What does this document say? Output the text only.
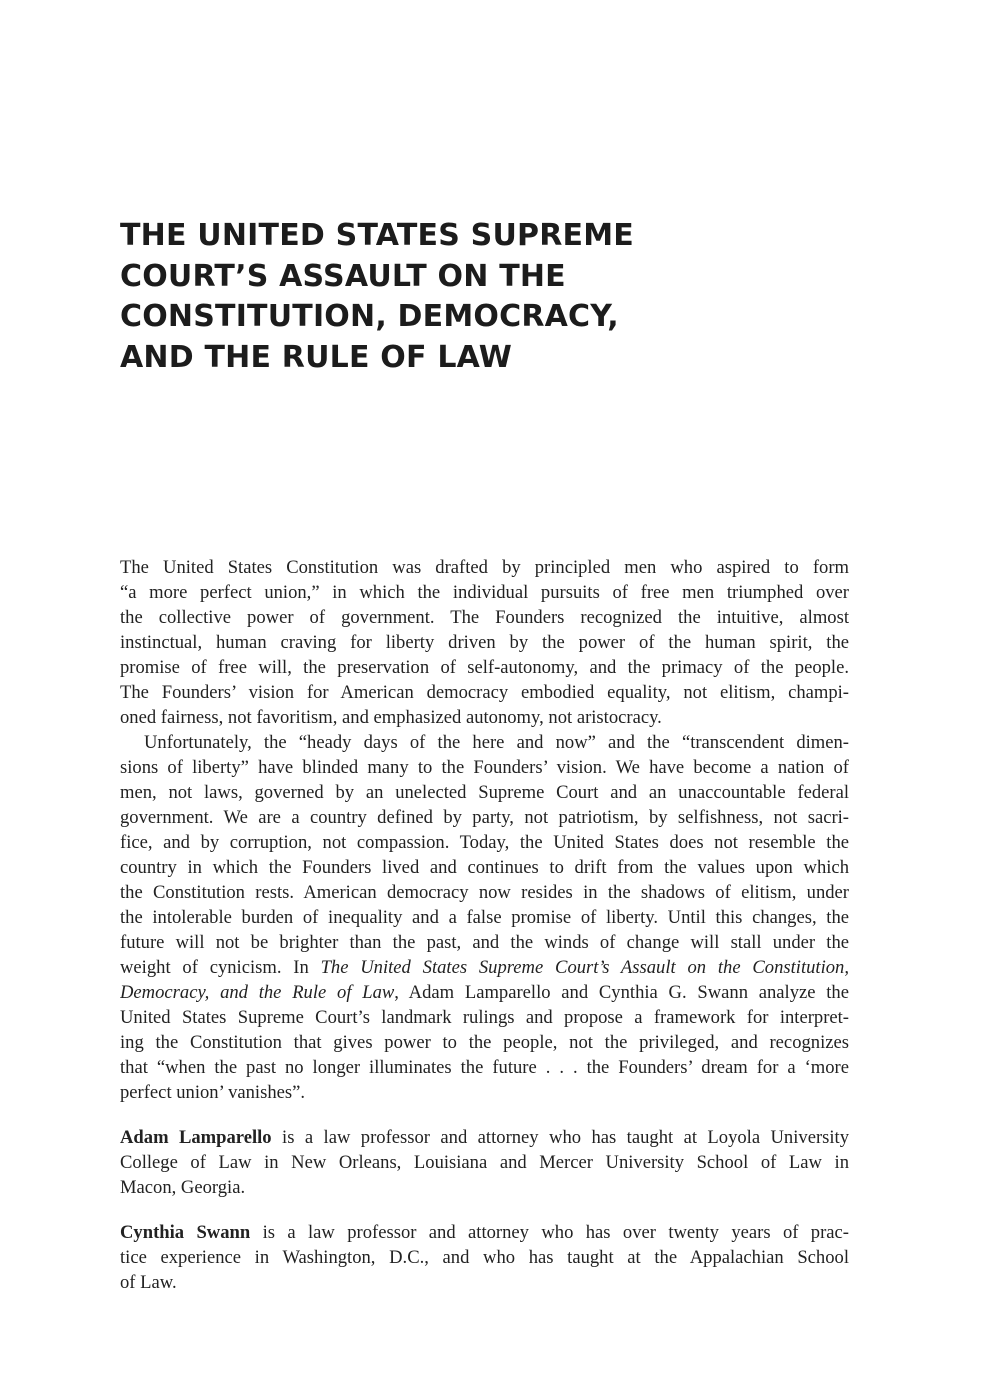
THE UNITED STATES SUPREME
COURT’S ASSAULT ON THE
CONSTITUTION, DEMOCRACY,
AND THE RULE OF LAW
The United States Constitution was drafted by principled men who aspired to form
“a more perfect union,” in which the individual pursuits of free men triumphed over
the collective power of government. The Founders recognized the intuitive, almost
instinctual, human craving for liberty driven by the power of the human spirit, the
promise of free will, the preservation of self-autonomy, and the primacy of the people.
The Founders’ vision for American democracy embodied equality, not elitism, champi-
oned fairness, not favoritism, and emphasized autonomy, not aristocracy.
Unfortunately, the “heady days of the here and now” and the “transcendent dimen-
sions of liberty” have blinded many to the Founders’ vision. We have become a nation of
men, not laws, governed by an unelected Supreme Court and an unaccountable federal
government. We are a country defined by party, not patriotism, by selfishness, not sacri-
fice, and by corruption, not compassion. Today, the United States does not resemble the
country in which the Founders lived and continues to drift from the values upon which
the Constitution rests. American democracy now resides in the shadows of elitism, under
the intolerable burden of inequality and a false promise of liberty. Until this changes, the
future will not be brighter than the past, and the winds of change will stall under the
weight of cynicism. In The United States Supreme Court’s Assault on the Constitution,
Democracy, and the Rule of Law, Adam Lamparello and Cynthia G. Swann analyze the
United States Supreme Court’s landmark rulings and propose a framework for interpret-
ing the Constitution that gives power to the people, not the privileged, and recognizes
that “when the past no longer illuminates the future . . . the Founders’ dream for a ‘more
perfect union’ vanishes”.
Adam Lamparello is a law professor and attorney who has taught at Loyola University
College of Law in New Orleans, Louisiana and Mercer University School of Law in
Macon, Georgia.
Cynthia Swann is a law professor and attorney who has over twenty years of prac-
tice experience in Washington, D.C., and who has taught at the Appalachian School
of Law.
